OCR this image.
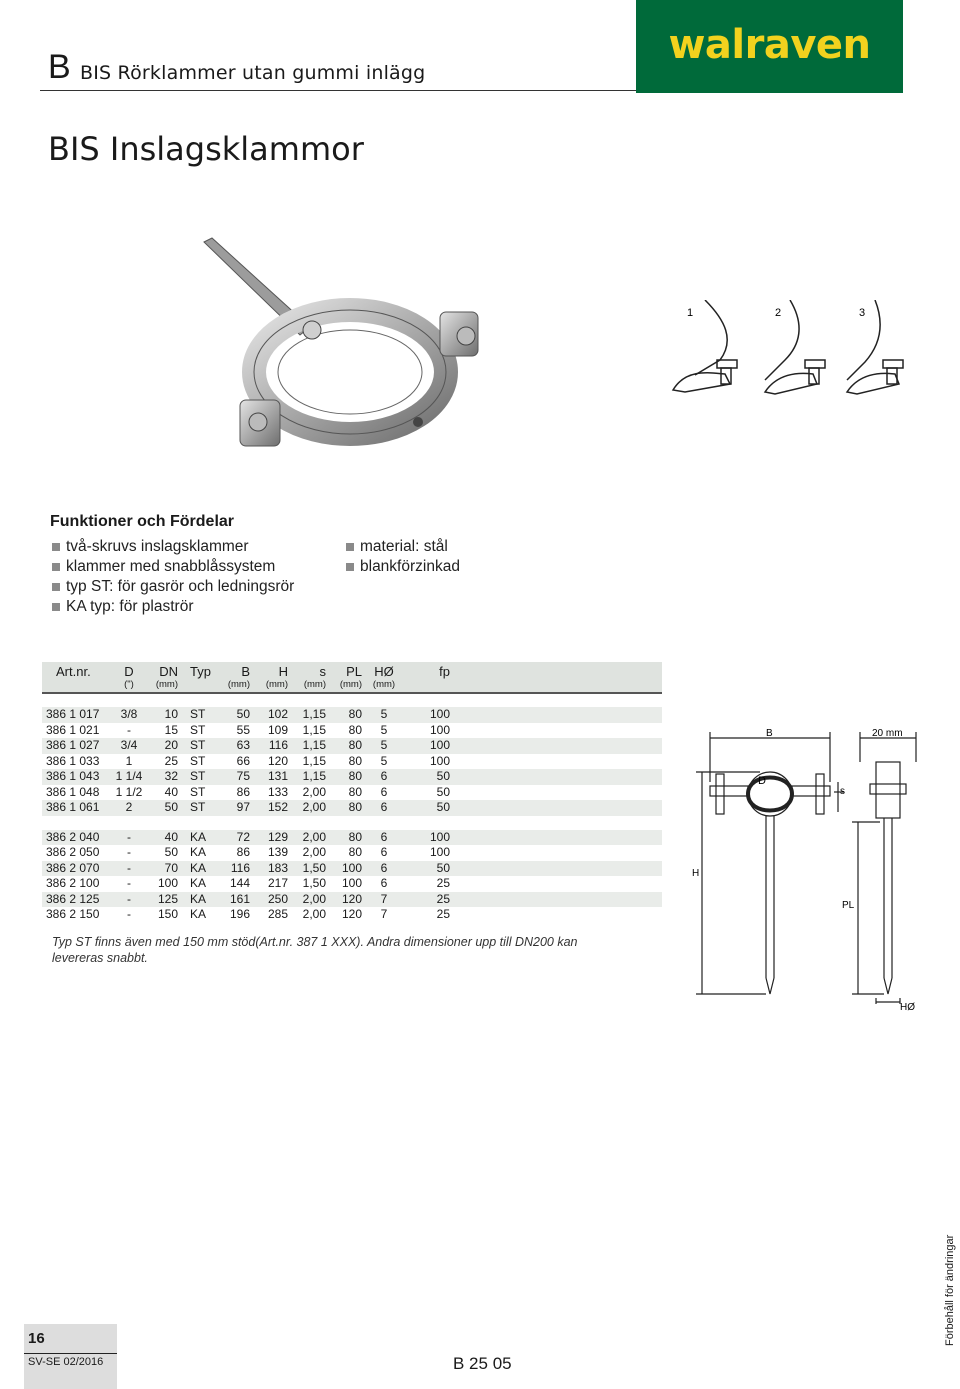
B BIS Rörklammer utan gummi inlägg
walraven
BIS Inslagsklammor
1	2	3
Funktioner och Fördelar
två-skruvs inslagsklammer
klammer med snabblåssystem
typ ST: för gasrör och ledningsrör
KA typ: för plaströr
material: stål
blankförzinkad
Art.nr.	D	DN	Typ	B	H	s	PL	HØ	fp	
	(")	(mm)		(mm)	(mm)	(mm)	(mm)	(mm)		

386 1 017	3/8	10	ST	50	102	1,15	80	5	100	
386 1 021	-	15	ST	55	109	1,15	80	5	100	
386 1 027	3/4	20	ST	63	116	1,15	80	5	100	
386 1 033	1	25	ST	66	120	1,15	80	5	100	
386 1 043	1 1/4	32	ST	75	131	1,15	80	6	50	
386 1 048	1 1/2	40	ST	86	133	2,00	80	6	50	
386 1 061	2	50	ST	97	152	2,00	80	6	50	

386 2 040	-	40	KA	72	129	2,00	80	6	100	
386 2 050	-	50	KA	86	139	2,00	80	6	100	
386 2 070	-	70	KA	116	183	1,50	100	6	50	
386 2 100	-	100	KA	144	217	1,50	100	6	25	
386 2 125	-	125	KA	161	250	2,00	120	7	25	
386 2 150	-	150	KA	196	285	2,00	120	7	25	
Typ ST finns även med 150 mm stöd(Art.nr. 387 1 XXX). Andra dimensioner upp till DN200 kan levereras snabbt.
B
D
s
H
PL
HØ
20 mm
Förbehåll för ändringar
16
SV-SE 02/2016	B 25 05
